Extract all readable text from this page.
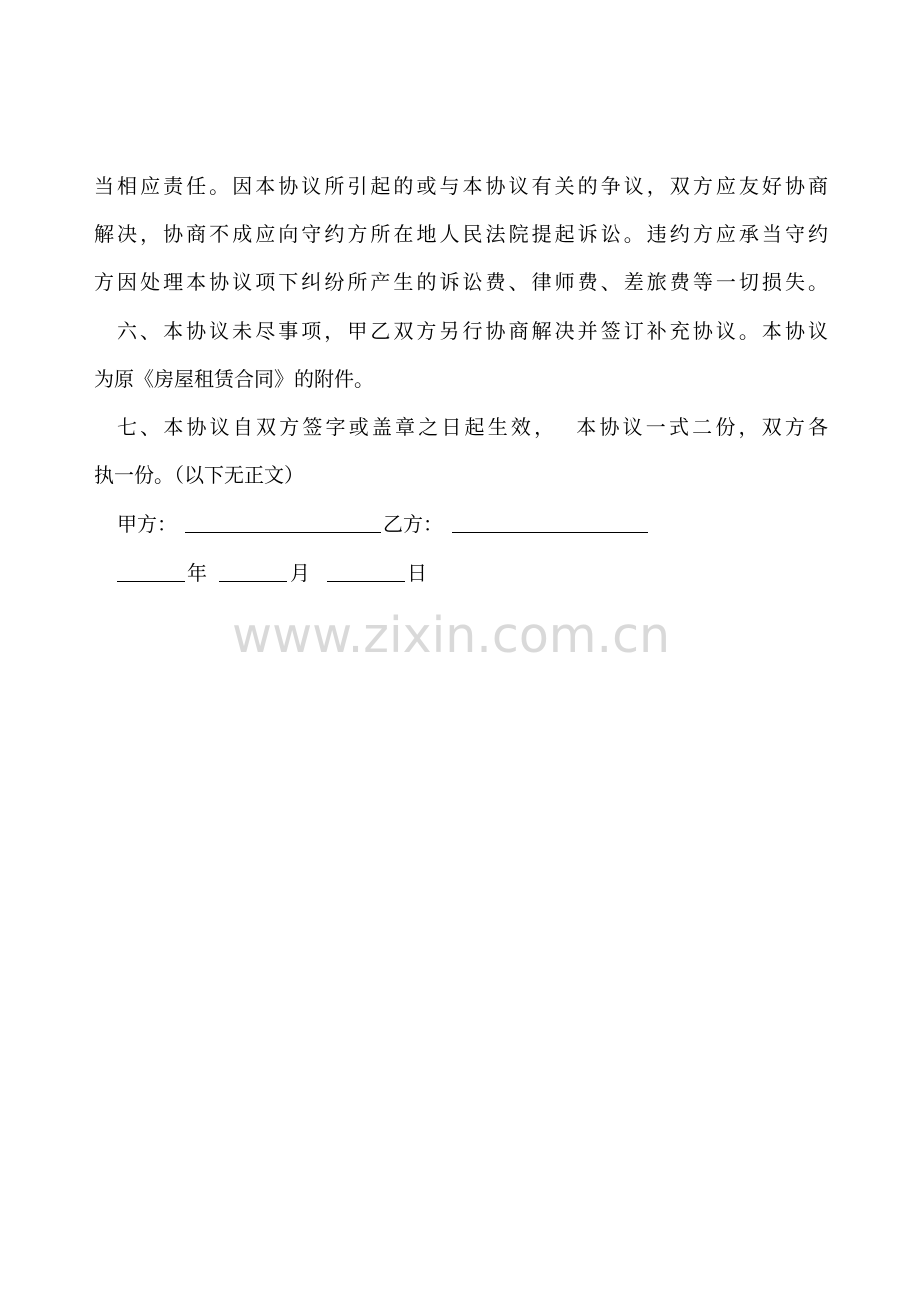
当相应责任。因本协议所引起的或与本协议有关的争议，双方应友好协商

解决，协商不成应向守约方所在地人民法院提起诉讼。违约方应承当守约

方因处理本协议项下纠纷所产生的诉讼费、律师费、差旅费等一切损失。

六、本协议未尽事项，甲乙双方另行协商解决并签订补充协议。本协议

为原《房屋租赁合同》的附件。

七、本协议自双方签字或盖章之日起生效，  本协议一式二份，双方各

执一份。（以下无正文）

甲方：

	乙方：

年

	月

	日

www.zixin.com.cn
